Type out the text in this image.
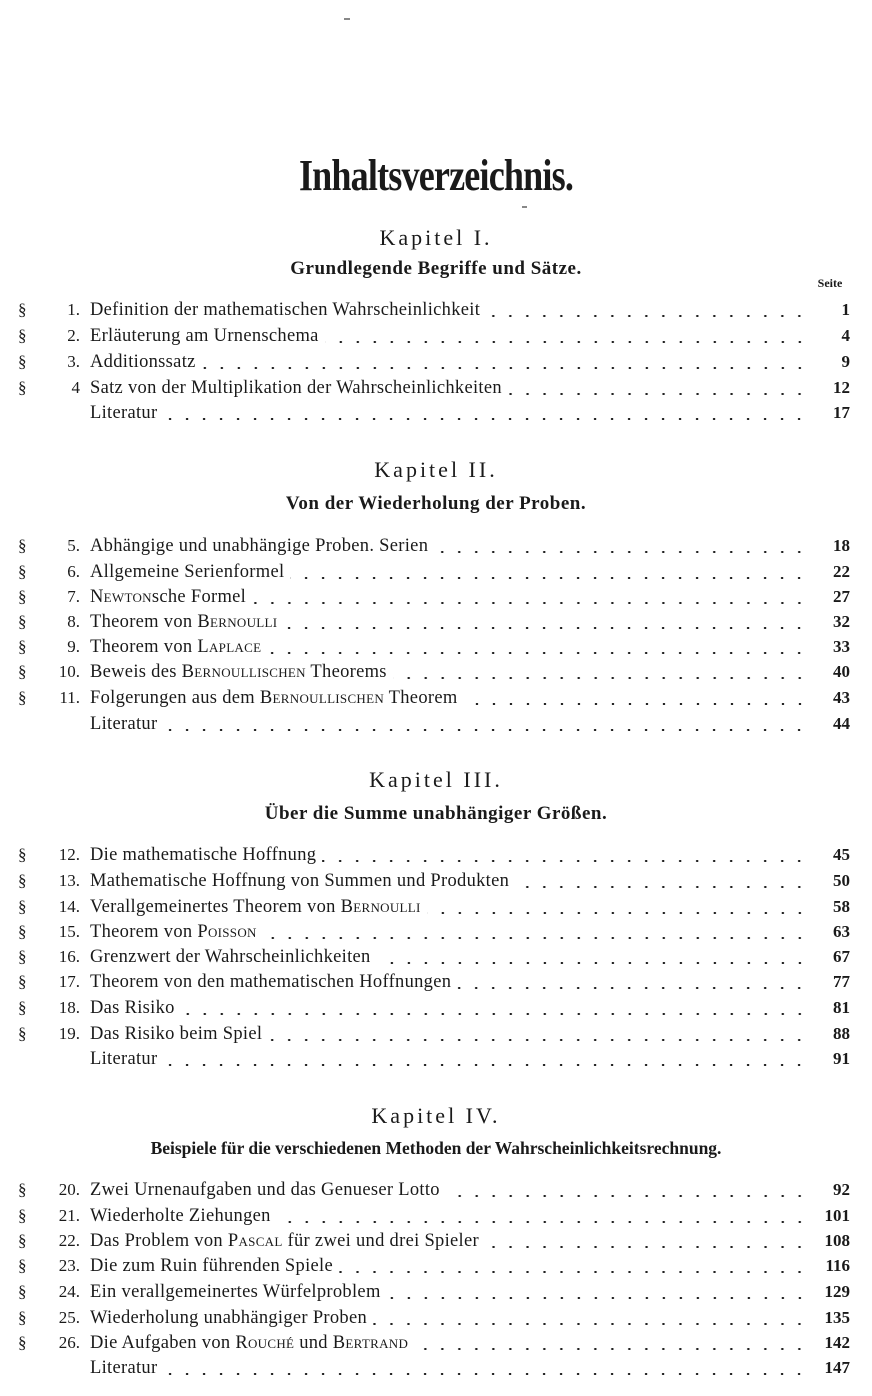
Inhaltsverzeichnis.
Kapitel I.
Grundlegende Begriffe und Sätze.
Seite
§ 1. Definition der mathematischen Wahrscheinlichkeit	1
§ 2. Erläuterung am Urnenschema	4
§ 3. Additionssatz	9
§	4 Satz von der Multiplikation der Wahrscheinlichkeiten	12
Literatur	17
Kapitel II.
Von der Wiederholung der Proben.
§ 5. Abhängige und unabhängige Proben. Serien	18
§ 6. Allgemeine Serienformel	22
§ 7. Newtonsche Formel	27
§ 8. Theorem von Bernoulli	32
§ 9. Theorem von Laplace	33
§ 10. Beweis des Bernoullischen Theorems	40
§ 11. Folgerungen aus dem Bernoullischen Theorem	43
Literatur	44
Kapitel III.
Über die Summe unabhängiger Größen.
§ 12. Die mathematische Hoffnung	45
§ 13. Mathematische Hoffnung von Summen und Produkten	50
§ 14. Verallgemeinertes Theorem von Bernoulli	58
§ 15. Theorem von Poisson	63
§ 16. Grenzwert der Wahrscheinlichkeiten	67
§ 17. Theorem von den mathematischen Hoffnungen	77
§ 18. Das Risiko	81
§ 19. Das Risiko beim Spiel	88
Literatur	91
Kapitel IV.
Beispiele für die verschiedenen Methoden der Wahrscheinlichkeitsrechnung.
§ 20. Zwei Urnenaufgaben und das Genueser Lotto	92
§ 21. Wiederholte Ziehungen	101
§ 22. Das Problem von Pascal für zwei und drei Spieler	108
§ 23. Die zum Ruin führenden Spiele	116
§ 24. Ein verallgemeinertes Würfelproblem	129
§ 25. Wiederholung unabhängiger Proben	135
§ 26. Die Aufgaben von Rouché und Bertrand	142
Literatur	147
